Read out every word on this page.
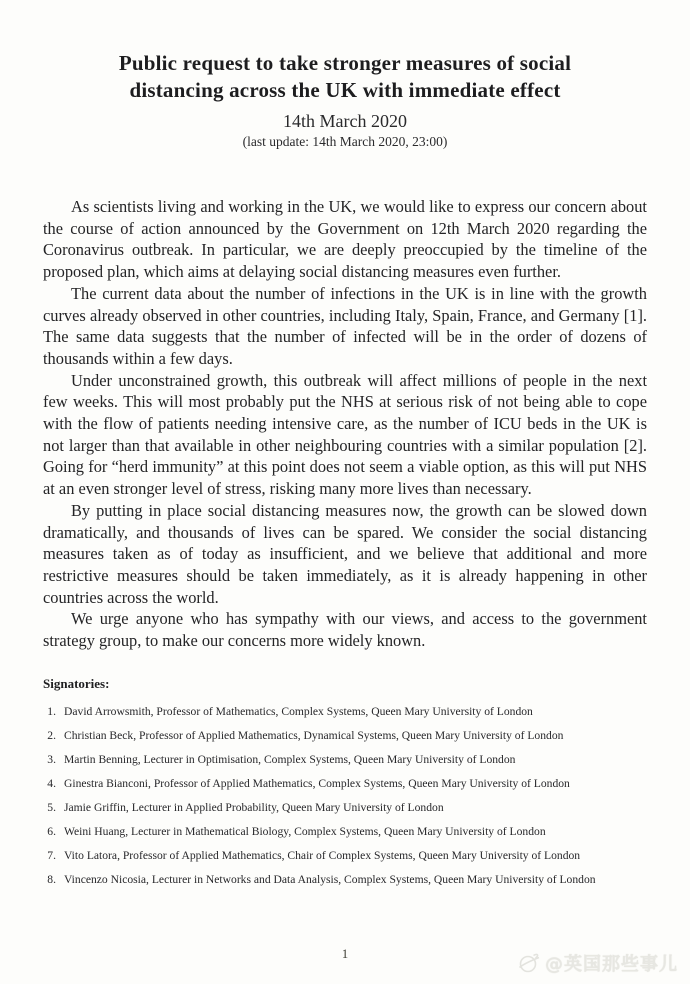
Public request to take stronger measures of social
distancing across the UK with immediate effect
14th March 2020
(last update: 14th March 2020, 23:00)

As scientists living and working in the UK, we would like to express our concern about the course of action announced by the Government on 12th March 2020 regarding the Coronavirus outbreak. In particular, we are deeply preoccupied by the timeline of the proposed plan, which aims at delaying social distancing measures even further.

The current data about the number of infections in the UK is in line with the growth curves already observed in other countries, including Italy, Spain, France, and Germany [1]. The same data suggests that the number of infected will be in the order of dozens of thousands within a few days.

Under unconstrained growth, this outbreak will affect millions of people in the next few weeks. This will most probably put the NHS at serious risk of not being able to cope with the flow of patients needing intensive care, as the number of ICU beds in the UK is not larger than that available in other neighbouring countries with a similar population [2]. Going for “herd immunity” at this point does not seem a viable option, as this will put NHS at an even stronger level of stress, risking many more lives than necessary.

By putting in place social distancing measures now, the growth can be slowed down dramatically, and thousands of lives can be spared. We consider the social distancing measures taken as of today as insufficient, and we believe that additional and more restrictive measures should be taken immediately, as it is already happening in other countries across the world.

We urge anyone who has sympathy with our views, and access to the government strategy group, to make our concerns more widely known.

Signatories:
1. David Arrowsmith, Professor of Mathematics, Complex Systems, Queen Mary University of London
2. Christian Beck, Professor of Applied Mathematics, Dynamical Systems, Queen Mary University of London
3. Martin Benning, Lecturer in Optimisation, Complex Systems, Queen Mary University of London
4. Ginestra Bianconi, Professor of Applied Mathematics, Complex Systems, Queen Mary University of London
5. Jamie Griffin, Lecturer in Applied Probability, Queen Mary University of London
6. Weini Huang, Lecturer in Mathematical Biology, Complex Systems, Queen Mary University of London
7. Vito Latora, Professor of Applied Mathematics, Chair of Complex Systems, Queen Mary University of London
8. Vincenzo Nicosia, Lecturer in Networks and Data Analysis, Complex Systems, Queen Mary University of London
1	@英国那些事儿
